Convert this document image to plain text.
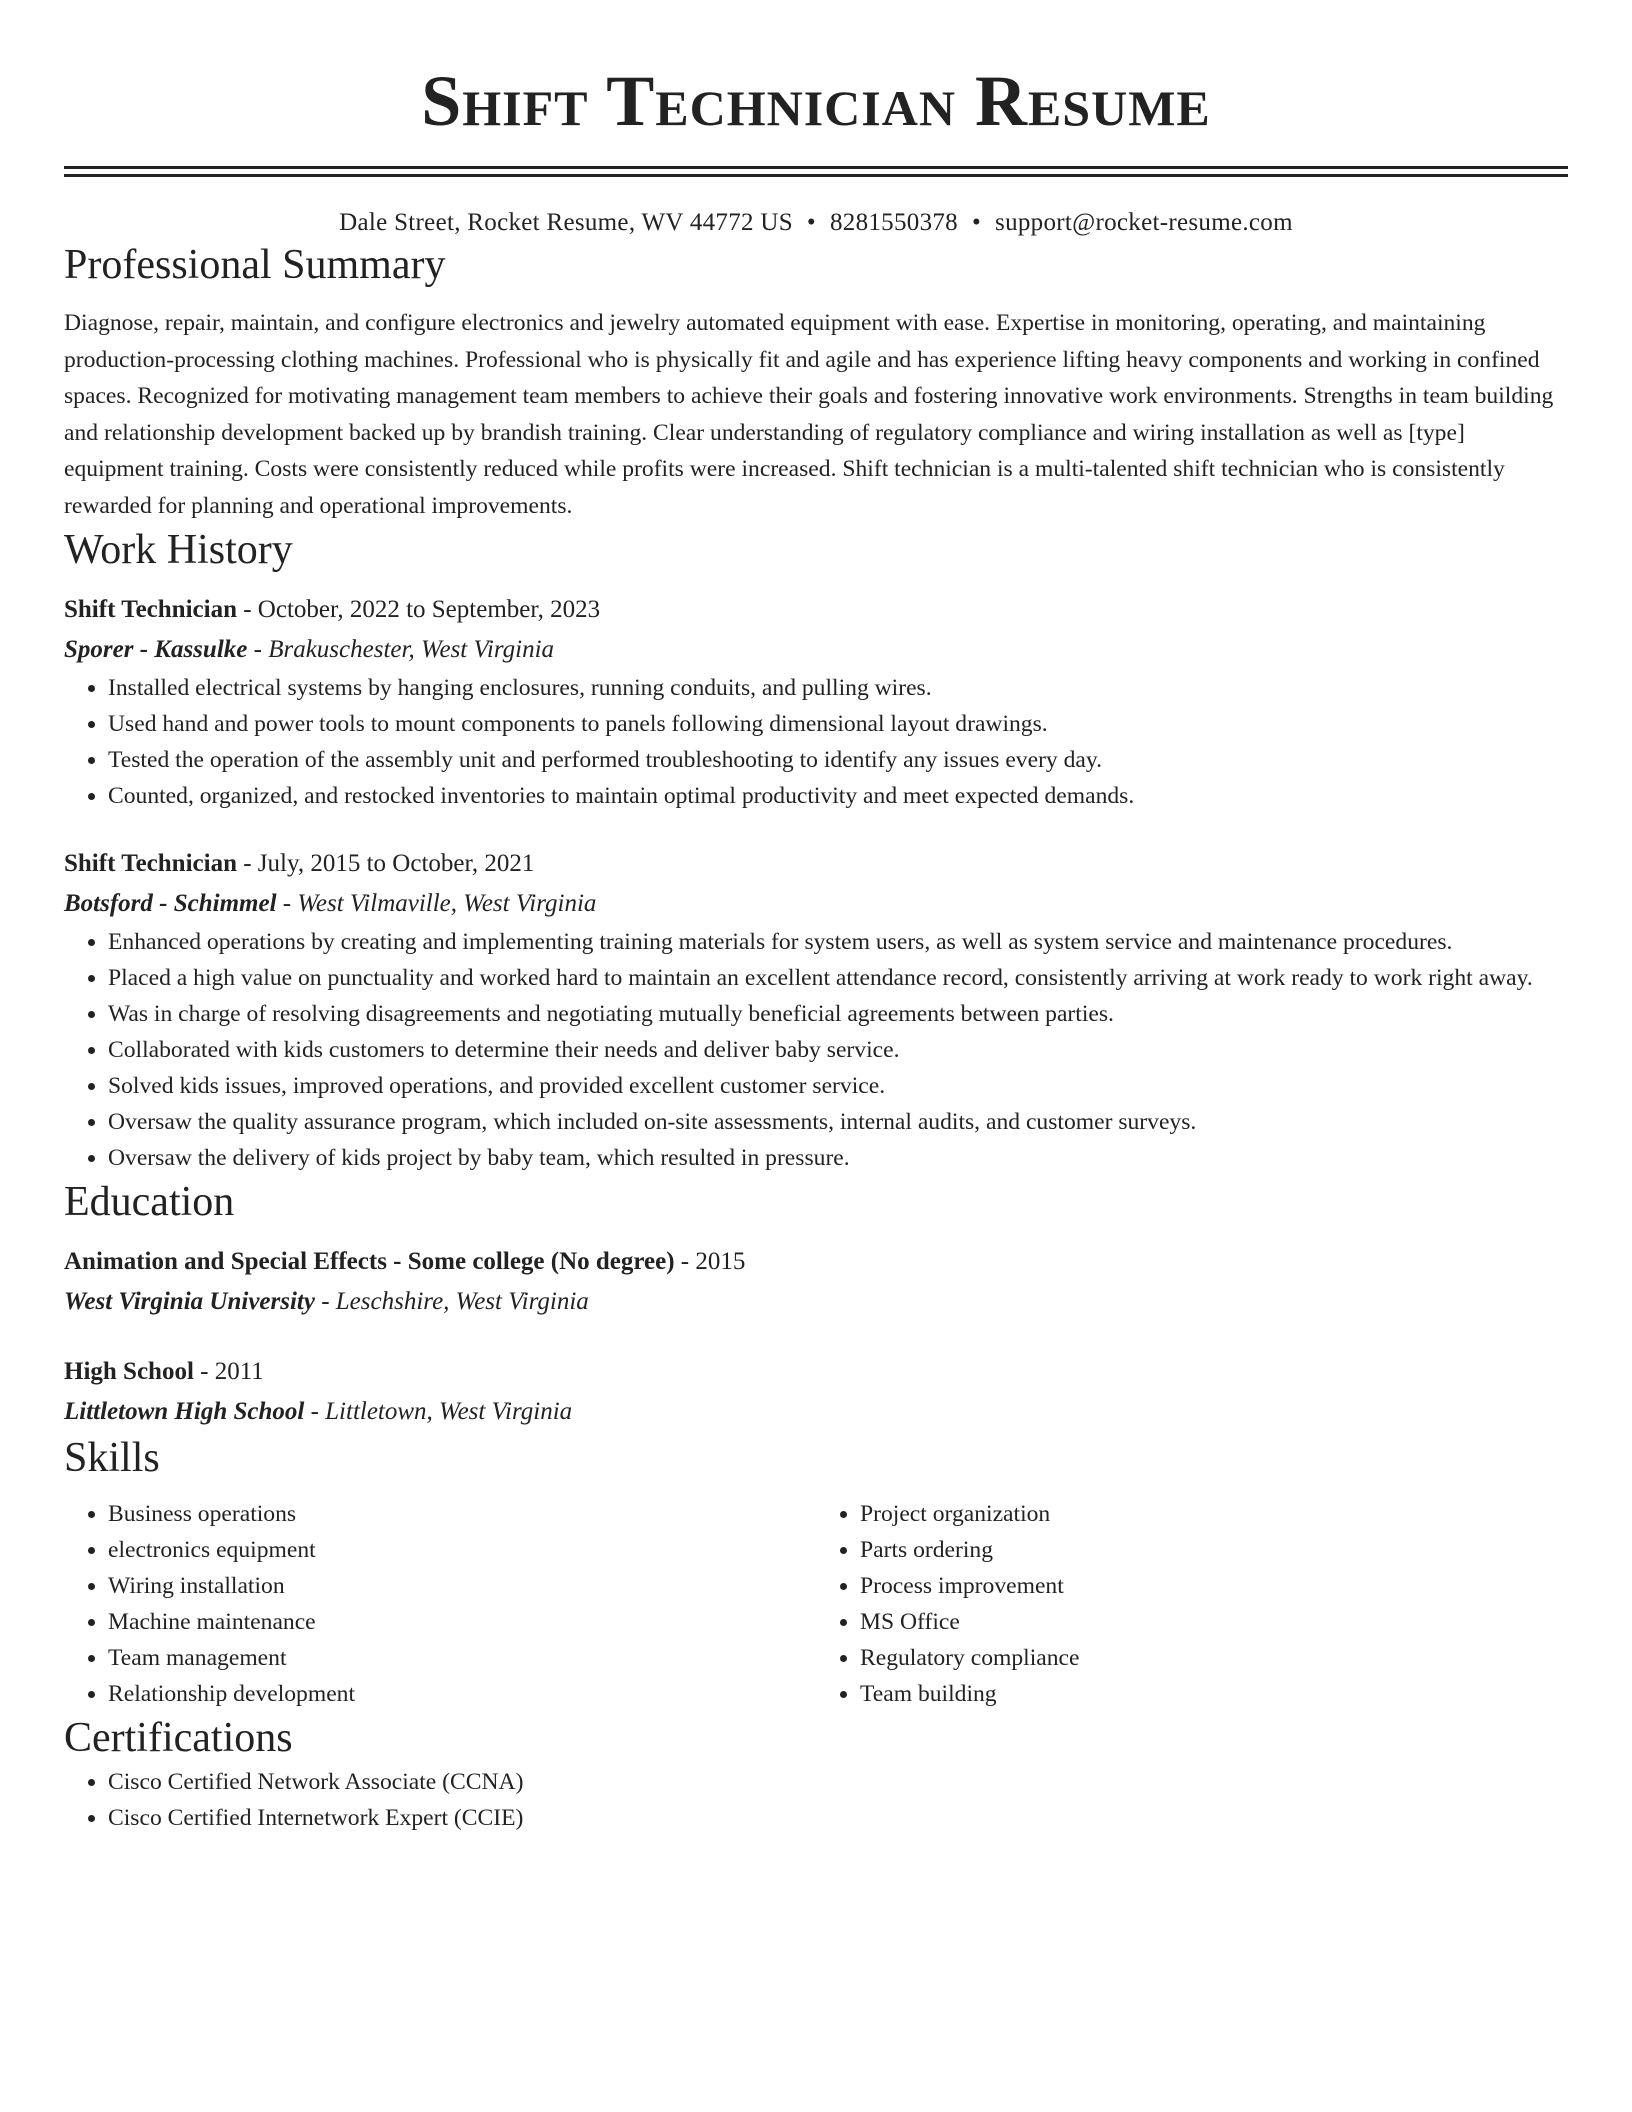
Shift Technician Resume
Dale Street, Rocket Resume, WV 44772 US • 8281550378 • support@rocket-resume.com
Professional Summary

Diagnose, repair, maintain, and configure electronics and jewelry automated equipment with ease. Expertise in monitoring, operating, and maintaining production-processing clothing machines. Professional who is physically fit and agile and has experience lifting heavy components and working in confined spaces. Recognized for motivating management team members to achieve their goals and fostering innovative work environments. Strengths in team building and relationship development backed up by brandish training. Clear understanding of regulatory compliance and wiring installation as well as [type] equipment training. Costs were consistently reduced while profits were increased. Shift technician is a multi-talented shift technician who is consistently rewarded for planning and operational improvements.

Work History
Shift Technician - October, 2022 to September, 2023
Sporer - Kassulke - Brakuschester, West Virginia
• Installed electrical systems by hanging enclosures, running conduits, and pulling wires.
• Used hand and power tools to mount components to panels following dimensional layout drawings.
• Tested the operation of the assembly unit and performed troubleshooting to identify any issues every day.
• Counted, organized, and restocked inventories to maintain optimal productivity and meet expected demands.
Shift Technician - July, 2015 to October, 2021
Botsford - Schimmel - West Vilmaville, West Virginia
• Enhanced operations by creating and implementing training materials for system users, as well as system service and maintenance procedures.
• Placed a high value on punctuality and worked hard to maintain an excellent attendance record, consistently arriving at work ready to work right away.
• Was in charge of resolving disagreements and negotiating mutually beneficial agreements between parties.
• Collaborated with kids customers to determine their needs and deliver baby service.
• Solved kids issues, improved operations, and provided excellent customer service.
• Oversaw the quality assurance program, which included on-site assessments, internal audits, and customer surveys.
• Oversaw the delivery of kids project by baby team, which resulted in pressure.
Education
Animation and Special Effects - Some college (No degree) - 2015
West Virginia University - Leschshire, West Virginia
High School - 2011
Littletown High School - Littletown, West Virginia
Skills
• Business operations
• electronics equipment
• Wiring installation
• Machine maintenance
• Team management
• Relationship development
• Project organization
• Parts ordering
• Process improvement
• MS Office
• Regulatory compliance
• Team building
Certifications
• Cisco Certified Network Associate (CCNA)
• Cisco Certified Internetwork Expert (CCIE)
